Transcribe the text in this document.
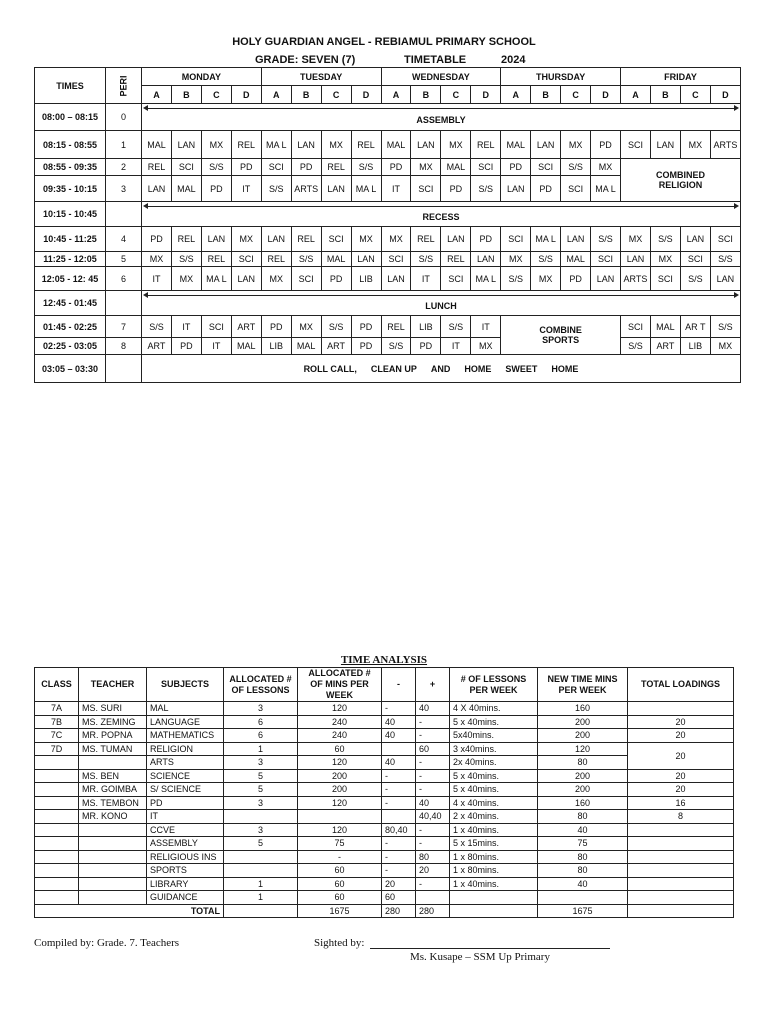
HOLY GUARDIAN ANGEL - REBIAMUL PRIMARY SCHOOL
GRADE: SEVEN (7)	TIMETABLE	2024
TIMES	PERI	MONDAY				TUESDAY				WEDNESDAY				THURSDAY				FRIDAY			
		A	B	C	D	A	B	C	D	A	B	C	D	A	B	C	D	A	B	C	D
08:00 – 08:15	0	ASSEMBLY																			
08:15 - 08:55	1	MAL	LAN	MX	REL	MA L	LAN	MX	REL	MAL	LAN	MX	REL	MAL	LAN	MX	PD	SCI	LAN	MX	ARTS
08:55 - 09:35	2	REL	SCI	S/S	PD	SCI	PD	REL	S/S	PD	MX	MAL	SCI	PD	SCI	S/S	MX	COMBINED RELIGION			
09:35 - 10:15	3	LAN	MAL	PD	IT	S/S	ARTS	LAN	MA L	IT	SCI	PD	S/S	LAN	PD	SCI	MA L				
10:15 - 10:45		RECESS																			
10:45 - 11:25	4	PD	REL	LAN	MX	LAN	REL	SCI	MX	MX	REL	LAN	PD	SCI	MA L	LAN	S/S	MX	S/S	LAN	SCI
11:25 - 12:05	5	MX	S/S	REL	SCI	REL	S/S	MAL	LAN	SCI	S/S	REL	LAN	MX	S/S	MAL	SCI	LAN	MX	SCI	S/S
12:05 - 12: 45	6	IT	MX	MA L	LAN	MX	SCI	PD	LIB	LAN	IT	SCI	MA L	S/S	MX	PD	LAN	ARTS	SCI	S/S	LAN
12:45 - 01:45		LUNCH																			
01:45 - 02:25	7	S/S	IT	SCI	ART	PD	MX	S/S	PD	REL	LIB	S/S	IT	COMBINE SPORTS				SCI	MAL	AR T	S/S
02:25 - 03:05	8	ART	PD	IT	MAL	LIB	MAL	ART	PD	S/S	PD	IT	MX					S/S	ART	LIB	MX
03:05 – 03:30		ROLL CALL, CLEAN UP AND HOME SWEET HOME																			
TIME ANALYSIS
CLASS	TEACHER	SUBJECTS	ALLOCATED # OF LESSONS	ALLOCATED # OF MINS PER WEEK	-	+	# OF LESSONS PER WEEK	NEW TIME MINS PER WEEK	TOTAL LOADINGS
7A	MS. SURI	MAL	3	120	-	40	4 X 40mins.	160	
7B	MS. ZEMING	LANGUAGE	6	240	40	-	5 x 40mins.	200	20
7C	MR. POPNA	MATHEMATICS	6	240	40	-	5x40mins.	200	20
7D	MS. TUMAN	RELIGION	1	60		60	3 x40mins.	120	20
		ARTS	3	120	40	-	2x 40mins.	80	
	MS. BEN	SCIENCE	5	200	-	-	5 x 40mins.	200	20
	MR. GOIMBA	S/ SCIENCE	5	200	-	-	5 x 40mins.	200	20
	MS. TEMBON	PD	3	120	-	40	4 x 40mins.	160	16
	MR. KONO	IT				40,40	2 x 40mins.	80	8
		CCVE	3	120	80,40	-	1 x 40mins.	40	
		ASSEMBLY	5	75	-	-	5 x 15mins.	75	
		RELIGIOUS INS		-	-	80	1 x 80mins.	80	
		SPORTS		60	-	20	1 x 80mins.	80	
		LIBRARY	1	60	20	-	1 x 40mins.	40	
		GUIDANCE	1	60	60				
TOTAL				1675	280	280		1675	
Compiled by: Grade. 7. Teachers	Sighted by:
Ms. Kusape – SSM Up Primary
